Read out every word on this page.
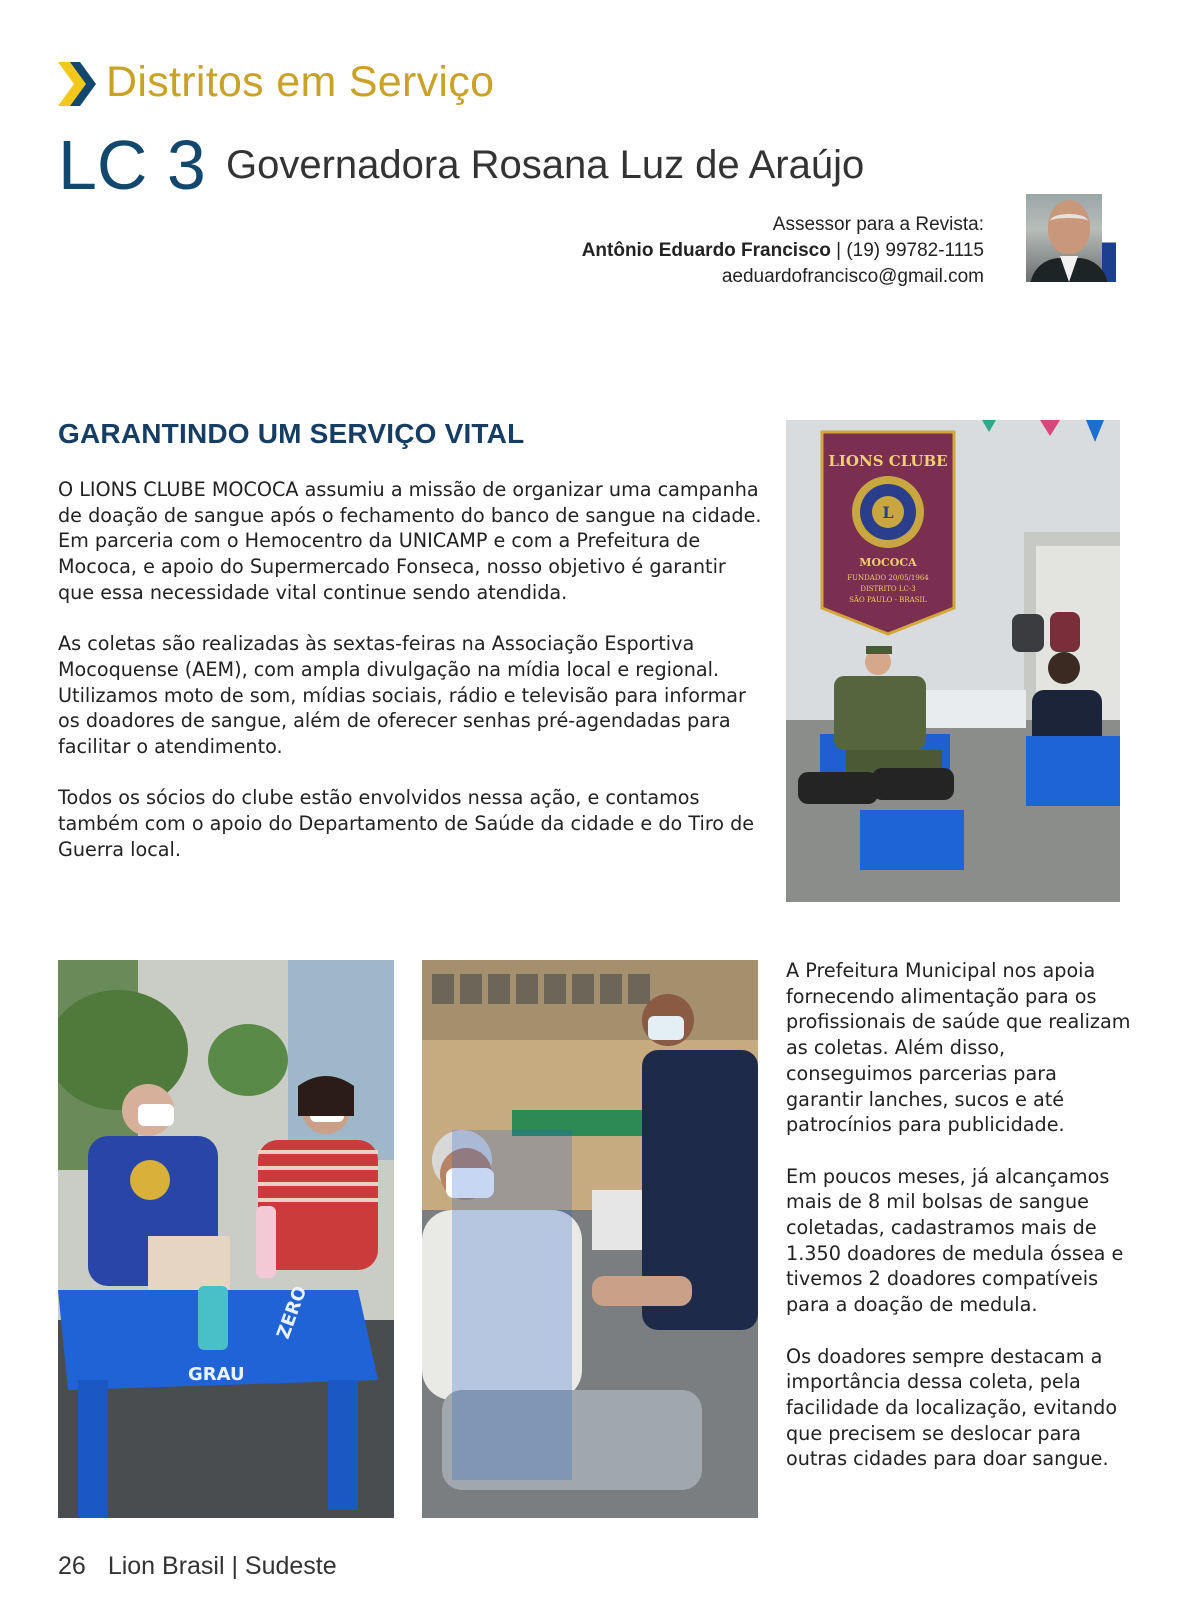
Distritos em Serviço
LC 3 Governadora Rosana Luz de Araújo
Assessor para a Revista:
Antônio Eduardo Francisco | (19) 99782-1115
aeduardofrancisco@gmail.com
GARANTINDO UM SERVIÇO VITAL

O LIONS CLUBE MOCOCA assumiu a missão de organizar uma campanha de doação de sangue após o fechamento do banco de sangue na cidade. Em parceria com o Hemocentro da UNICAMP e com a Prefeitura de Mococa, e apoio do Supermercado Fonseca, nosso objetivo é garantir que essa necessidade vital continue sendo atendida.

As coletas são realizadas às sextas-feiras na Associação Esportiva Mocoquense (AEM), com ampla divulgação na mídia local e regional. Utilizamos moto de som, mídias sociais, rádio e televisão para informar os doadores de sangue, além de oferecer senhas pré-agendadas para facilitar o atendimento.

Todos os sócios do clube estão envolvidos nessa ação, e contamos também com o apoio do Departamento de Saúde da cidade e do Tiro de Guerra local.

A Prefeitura Municipal nos apoia fornecendo alimentação para os profissionais de saúde que realizam as coletas. Além disso, conseguimos parcerias para garantir lanches, sucos e até patrocínios para publicidade.

Em poucos meses, já alcançamos mais de 8 mil bolsas de sangue coletadas, cadastramos mais de 1.350 doadores de medula óssea e tivemos 2 doadores compatíveis para a doação de medula.

Os doadores sempre destacam a importância dessa coleta, pela facilidade da localização, evitando que precisem se deslocar para outras cidades para doar sangue.

L
LIONS CLUBE
MOCOCA
FUNDADO 20/05/1964
DISTRITO LC-3
SÃO PAULO - BRASIL
ZERO
GRAU
26 Lion Brasil | Sudeste
